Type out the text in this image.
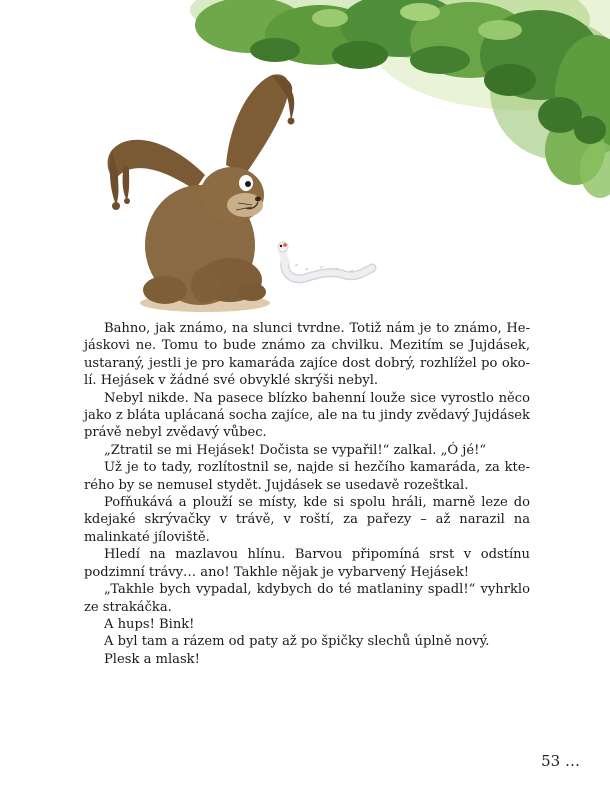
Bahno, jak známo, na slunci tvrdne. Totiž nám je to známo, Hejáskovi ne. Tomu to bude známo za chvilku. Mezitím se Jujdásek, ustaraný, jestli je pro kamaráda zajíce dost dobrý, rozhlížel po okolí. Hejásek v žádné své obvyklé skrýši nebyl.

Nebyl nikde. Na pasece blízko bahenní louže sice vyrostlo něco jako z bláta uplácaná socha zajíce, ale na tu jindy zvědavý Jujdásek právě nebyl zvědavý vůbec.

„Ztratil se mi Hejásek! Dočista se vypařil!“ zalkal. „Ó jé!“

Už je to tady, rozlítostnil se, najde si hezčího kamaráda, za kterého by se nemusel stydět. Jujdásek se usedavě rozeštkal.

Pofňukává a plouží se místy, kde si spolu hráli, marně leze do kdejaké skrývačky v trávě, v roští, za pařezy – až narazil na malinkaté jíloviště.

Hledí na mazlavou hlínu. Barvou připomíná srst v odstínu podzimní trávy… ano! Takhle nějak je vybarvený Hejásek!

„Takhle bych vypadal, kdybych do té matlaniny spadl!“ vyhrklo ze strakáčka.

A hups! Bink!

A byl tam a rázem od paty až po špičky slechů úplně nový.

Plesk a mlask!

53 …
